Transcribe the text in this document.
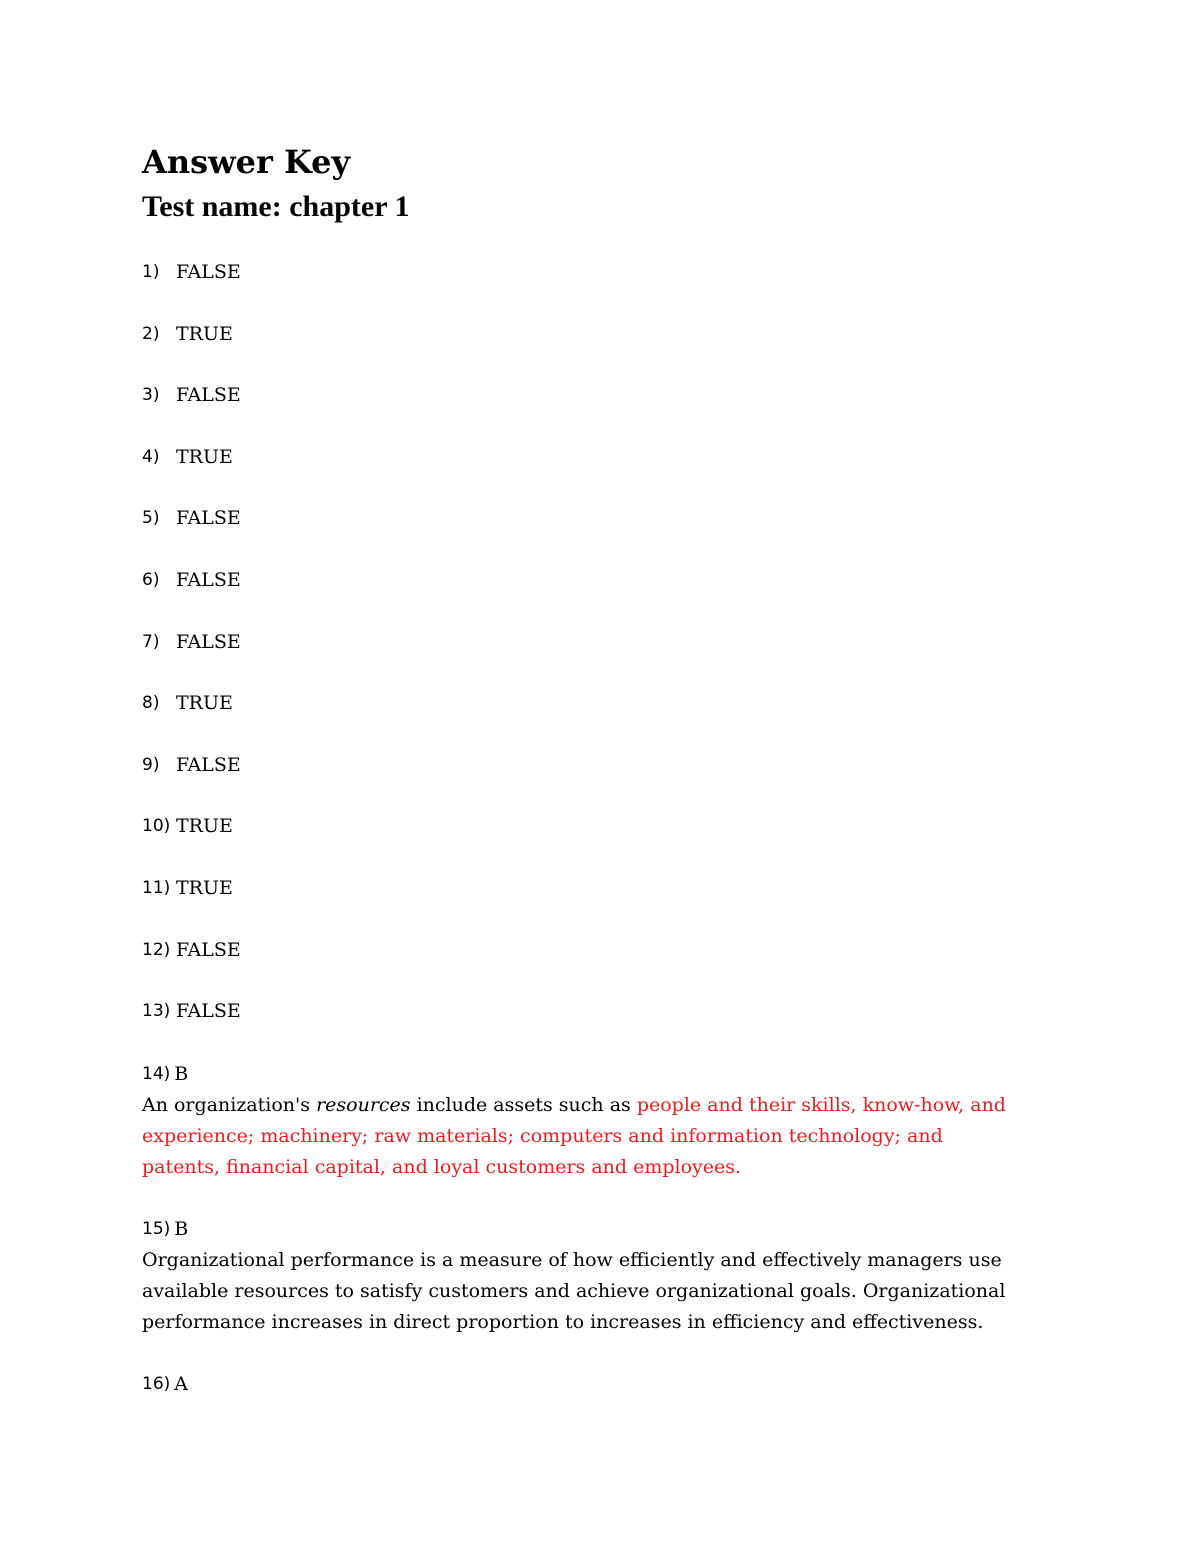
Answer Key
Test name: chapter 1
1) FALSE
2) TRUE
3) FALSE
4) TRUE
5) FALSE
6) FALSE
7) FALSE
8) TRUE
9) FALSE
10) TRUE
11) TRUE
12) FALSE
13) FALSE
14) B

An organization's resources include assets such as people and their skills, know-how, and experience; machinery; raw materials; computers and information technology; and patents, financial capital, and loyal customers and employees.

15) B

Organizational performance is a measure of how efficiently and effectively managers use available resources to satisfy customers and achieve organizational goals. Organizational performance increases in direct proportion to increases in efficiency and effectiveness.

16) A
